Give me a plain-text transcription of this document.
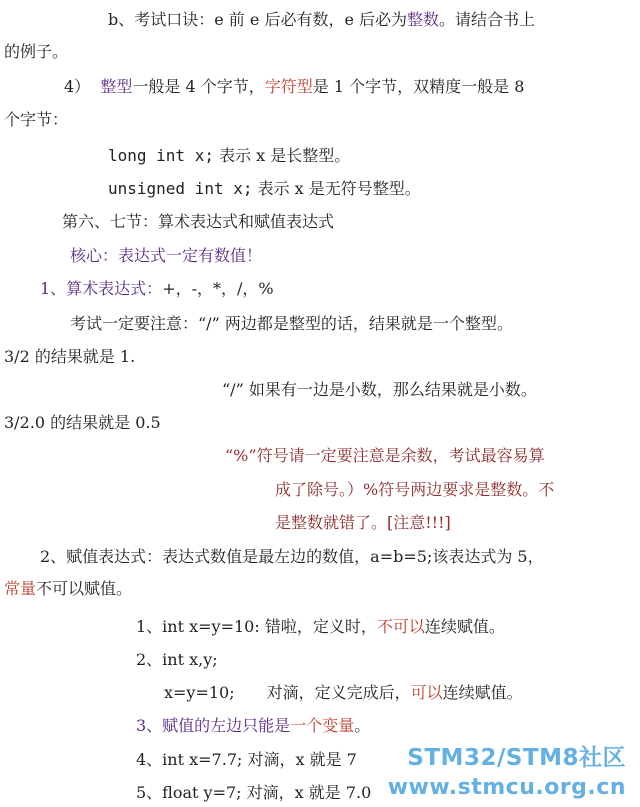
b、考试口诀：e 前 e 后必有数，e 后必为整数。请结合书上
的例子。
4） 整型一般是 4 个字节，字符型是 1 个字节，双精度一般是 8
个字节：
long int x; 表示 x 是长整型。
unsigned int x; 表示 x 是无符号整型。
第六、七节：算术表达式和赋值表达式
核心：表达式一定有数值！
1、算术表达式：+，-，*，/，%
考试一定要注意：“/” 两边都是整型的话，结果就是一个整型。
3/2 的结果就是 1.
“/” 如果有一边是小数，那么结果就是小数。
3/2.0 的结果就是 0.5
“%”符号请一定要注意是余数，考试最容易算
成了除号。）%符号两边要求是整数。不
是整数就错了。[注意!!!]
2、赋值表达式：表达式数值是最左边的数值，a=b=5;该表达式为 5，
常量不可以赋值。
1、int x=y=10: 错啦，定义时，不可以连续赋值。
2、int x,y;
x=y=10;　　对滴，定义完成后，可以连续赋值。
3、赋值的左边只能是一个变量。
4、int x=7.7; 对滴，x 就是 7
5、float y=7; 对滴，x 就是 7.0
STM32/STM8社区
www.stmcu.org.cn
